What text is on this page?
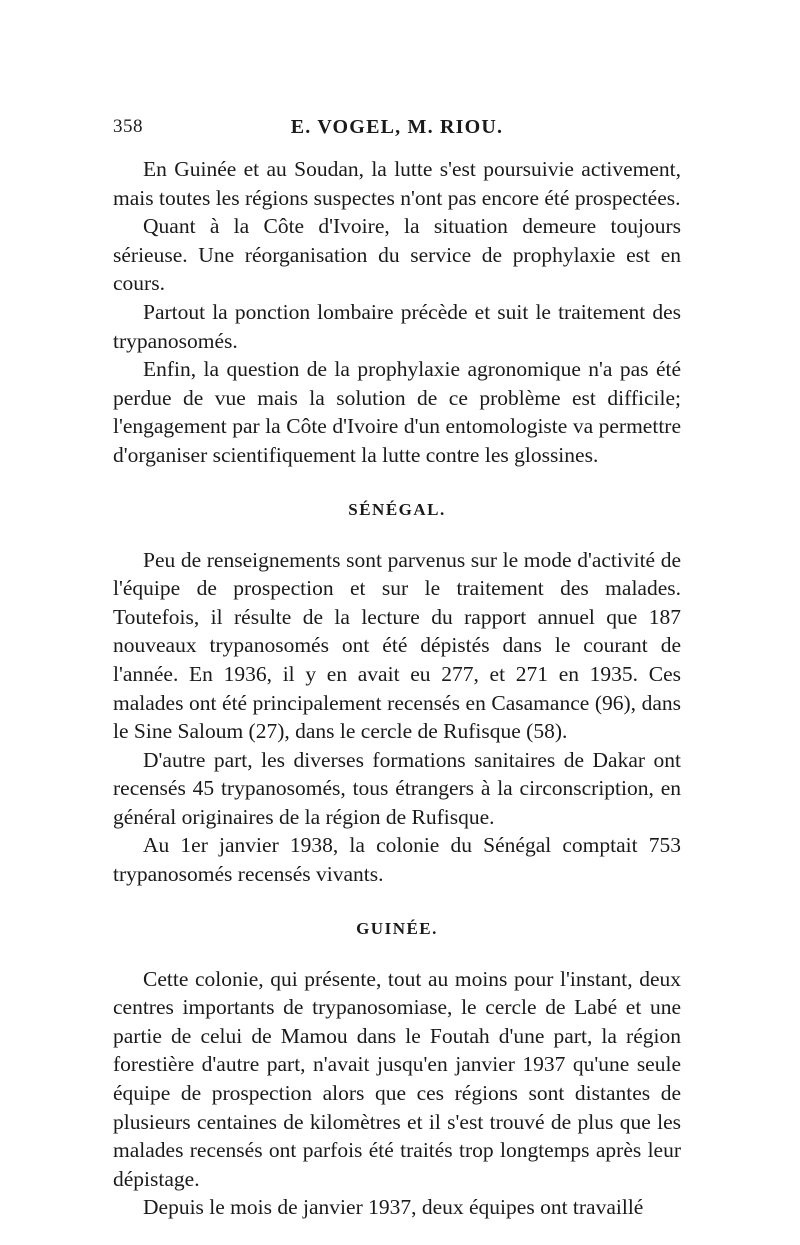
358	E. VOGEL, M. RIOU.

En Guinée et au Soudan, la lutte s'est poursuivie activement, mais toutes les régions suspectes n'ont pas encore été prospectées.

Quant à la Côte d'Ivoire, la situation demeure toujours sérieuse. Une réorganisation du service de prophylaxie est en cours.

Partout la ponction lombaire précède et suit le traitement des trypanosomés.

Enfin, la question de la prophylaxie agronomique n'a pas été perdue de vue mais la solution de ce problème est difficile; l'engagement par la Côte d'Ivoire d'un entomologiste va permettre d'organiser scientifiquement la lutte contre les glossines.

SÉNÉGAL.

Peu de renseignements sont parvenus sur le mode d'activité de l'équipe de prospection et sur le traitement des malades. Toutefois, il résulte de la lecture du rapport annuel que 187 nouveaux trypanosomés ont été dépistés dans le courant de l'année. En 1936, il y en avait eu 277, et 271 en 1935. Ces malades ont été principalement recensés en Casamance (96), dans le Sine Saloum (27), dans le cercle de Rufisque (58).

D'autre part, les diverses formations sanitaires de Dakar ont recensés 45 trypanosomés, tous étrangers à la circonscription, en général originaires de la région de Rufisque.

Au 1er janvier 1938, la colonie du Sénégal comptait 753 trypanosomés recensés vivants.

GUINÉE.

Cette colonie, qui présente, tout au moins pour l'instant, deux centres importants de trypanosomiase, le cercle de Labé et une partie de celui de Mamou dans le Foutah d'une part, la région forestière d'autre part, n'avait jusqu'en janvier 1937 qu'une seule équipe de prospection alors que ces régions sont distantes de plusieurs centaines de kilomètres et il s'est trouvé de plus que les malades recensés ont parfois été traités trop longtemps après leur dépistage.

Depuis le mois de janvier 1937, deux équipes ont travaillé
